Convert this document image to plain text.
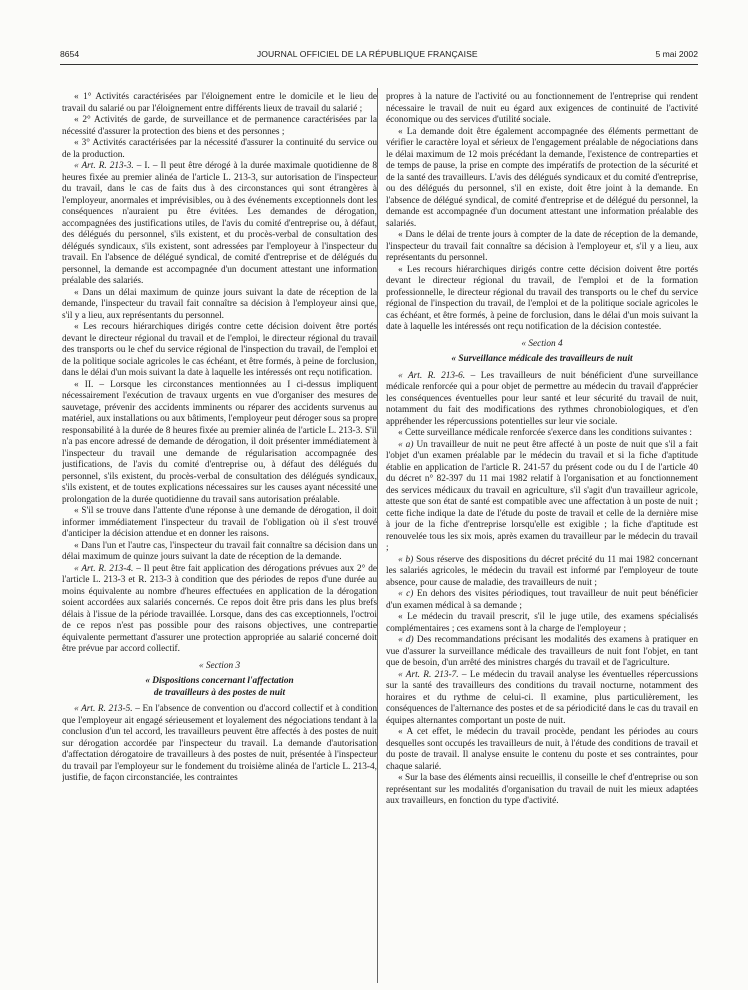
8654	JOURNAL OFFICIEL DE LA RÉPUBLIQUE FRANÇAISE	5 mai 2002

« 1° Activités caractérisées par l'éloignement entre le domicile et le lieu de travail du salarié ou par l'éloignement entre différents lieux de travail du salarié ;

« 2° Activités de garde, de surveillance et de permanence caractérisées par la nécessité d'assurer la protection des biens et des personnes ;

« 3° Activités caractérisées par la nécessité d'assurer la continuité du service ou de la production.

« Art. R. 213-3. – I. – Il peut être dérogé à la durée maximale quotidienne de 8 heures fixée au premier alinéa de l'article L. 213-3, sur autorisation de l'inspecteur du travail, dans le cas de faits dus à des circonstances qui sont étrangères à l'employeur, anormales et imprévisibles, ou à des événements exceptionnels dont les conséquences n'auraient pu être évitées. Les demandes de dérogation, accompagnées des justifications utiles, de l'avis du comité d'entreprise ou, à défaut, des délégués du personnel, s'ils existent, et du procès-verbal de consultation des délégués syndicaux, s'ils existent, sont adressées par l'employeur à l'inspecteur du travail. En l'absence de délégué syndical, de comité d'entreprise et de délégués du personnel, la demande est accompagnée d'un document attestant une information préalable des salariés.

« Dans un délai maximum de quinze jours suivant la date de réception de la demande, l'inspecteur du travail fait connaître sa décision à l'employeur ainsi que, s'il y a lieu, aux représentants du personnel.

« Les recours hiérarchiques dirigés contre cette décision doivent être portés devant le directeur régional du travail et de l'emploi, le directeur régional du travail des transports ou le chef du service régional de l'inspection du travail, de l'emploi et de la politique sociale agricoles le cas échéant, et être formés, à peine de forclusion, dans le délai d'un mois suivant la date à laquelle les intéressés ont reçu notification.

« II. – Lorsque les circonstances mentionnées au I ci-dessus impliquent nécessairement l'exécution de travaux urgents en vue d'organiser des mesures de sauvetage, prévenir des accidents imminents ou réparer des accidents survenus au matériel, aux installations ou aux bâtiments, l'employeur peut déroger sous sa propre responsabilité à la durée de 8 heures fixée au premier alinéa de l'article L. 213-3. S'il n'a pas encore adressé de demande de dérogation, il doit présenter immédiatement à l'inspecteur du travail une demande de régularisation accompagnée des justifications, de l'avis du comité d'entreprise ou, à défaut des délégués du personnel, s'ils existent, du procès-verbal de consultation des délégués syndicaux, s'ils existent, et de toutes explications nécessaires sur les causes ayant nécessité une prolongation de la durée quotidienne du travail sans autorisation préalable.

« S'il se trouve dans l'attente d'une réponse à une demande de dérogation, il doit informer immédiatement l'inspecteur du travail de l'obligation où il s'est trouvé d'anticiper la décision attendue et en donner les raisons.

« Dans l'un et l'autre cas, l'inspecteur du travail fait connaître sa décision dans un délai maximum de quinze jours suivant la date de réception de la demande.

« Art. R. 213-4. – Il peut être fait application des dérogations prévues aux 2° de l'article L. 213-3 et R. 213-3 à condition que des périodes de repos d'une durée au moins équivalente au nombre d'heures effectuées en application de la dérogation soient accordées aux salariés concernés. Ce repos doit être pris dans les plus brefs délais à l'issue de la période travaillée. Lorsque, dans des cas exceptionnels, l'octroi de ce repos n'est pas possible pour des raisons objectives, une contrepartie équivalente permettant d'assurer une protection appropriée au salarié concerné doit être prévue par accord collectif.

« Section 3
« Dispositions concernant l'affectation
de travailleurs à des postes de nuit

« Art. R. 213-5. – En l'absence de convention ou d'accord collectif et à condition que l'employeur ait engagé sérieusement et loyalement des négociations tendant à la conclusion d'un tel accord, les travailleurs peuvent être affectés à des postes de nuit sur dérogation accordée par l'inspecteur du travail. La demande d'autorisation d'affectation dérogatoire de travailleurs à des postes de nuit, présentée à l'inspecteur du travail par l'employeur sur le fondement du troisième alinéa de l'article L. 213-4, justifie, de façon circonstanciée, les contraintes

propres à la nature de l'activité ou au fonctionnement de l'entreprise qui rendent nécessaire le travail de nuit eu égard aux exigences de continuité de l'activité économique ou des services d'utilité sociale.

« La demande doit être également accompagnée des éléments permettant de vérifier le caractère loyal et sérieux de l'engagement préalable de négociations dans le délai maximum de 12 mois précédant la demande, l'existence de contreparties et de temps de pause, la prise en compte des impératifs de protection de la sécurité et de la santé des travailleurs. L'avis des délégués syndicaux et du comité d'entreprise, ou des délégués du personnel, s'il en existe, doit être joint à la demande. En l'absence de délégué syndical, de comité d'entreprise et de délégué du personnel, la demande est accompagnée d'un document attestant une information préalable des salariés.

« Dans le délai de trente jours à compter de la date de réception de la demande, l'inspecteur du travail fait connaître sa décision à l'employeur et, s'il y a lieu, aux représentants du personnel.

« Les recours hiérarchiques dirigés contre cette décision doivent être portés devant le directeur régional du travail, de l'emploi et de la formation professionnelle, le directeur régional du travail des transports ou le chef du service régional de l'inspection du travail, de l'emploi et de la politique sociale agricoles le cas échéant, et être formés, à peine de forclusion, dans le délai d'un mois suivant la date à laquelle les intéressés ont reçu notification de la décision contestée.

« Section 4
« Surveillance médicale des travailleurs de nuit

« Art. R. 213-6. – Les travailleurs de nuit bénéficient d'une surveillance médicale renforcée qui a pour objet de permettre au médecin du travail d'apprécier les conséquences éventuelles pour leur santé et leur sécurité du travail de nuit, notamment du fait des modifications des rythmes chronobiologiques, et d'en appréhender les répercussions potentielles sur leur vie sociale.

« Cette surveillance médicale renforcée s'exerce dans les conditions suivantes :

« a) Un travailleur de nuit ne peut être affecté à un poste de nuit que s'il a fait l'objet d'un examen préalable par le médecin du travail et si la fiche d'aptitude établie en application de l'article R. 241-57 du présent code ou du I de l'article 40 du décret n° 82-397 du 11 mai 1982 relatif à l'organisation et au fonctionnement des services médicaux du travail en agriculture, s'il s'agit d'un travailleur agricole, atteste que son état de santé est compatible avec une affectation à un poste de nuit ; cette fiche indique la date de l'étude du poste de travail et celle de la dernière mise à jour de la fiche d'entreprise lorsqu'elle est exigible ; la fiche d'aptitude est renouvelée tous les six mois, après examen du travailleur par le médecin du travail ;

« b) Sous réserve des dispositions du décret précité du 11 mai 1982 concernant les salariés agricoles, le médecin du travail est informé par l'employeur de toute absence, pour cause de maladie, des travailleurs de nuit ;

« c) En dehors des visites périodiques, tout travailleur de nuit peut bénéficier d'un examen médical à sa demande ;

« Le médecin du travail prescrit, s'il le juge utile, des examens spécialisés complémentaires ; ces examens sont à la charge de l'employeur ;

« d) Des recommandations précisant les modalités des examens à pratiquer en vue d'assurer la surveillance médicale des travailleurs de nuit font l'objet, en tant que de besoin, d'un arrêté des ministres chargés du travail et de l'agriculture.

« Art. R. 213-7. – Le médecin du travail analyse les éventuelles répercussions sur la santé des travailleurs des conditions du travail nocturne, notamment des horaires et du rythme de celui-ci. Il examine, plus particulièrement, les conséquences de l'alternance des postes et de sa périodicité dans le cas du travail en équipes alternantes comportant un poste de nuit.

« A cet effet, le médecin du travail procède, pendant les périodes au cours desquelles sont occupés les travailleurs de nuit, à l'étude des conditions de travail et du poste de travail. Il analyse ensuite le contenu du poste et ses contraintes, pour chaque salarié.

« Sur la base des éléments ainsi recueillis, il conseille le chef d'entreprise ou son représentant sur les modalités d'organisation du travail de nuit les mieux adaptées aux travailleurs, en fonction du type d'activité.
